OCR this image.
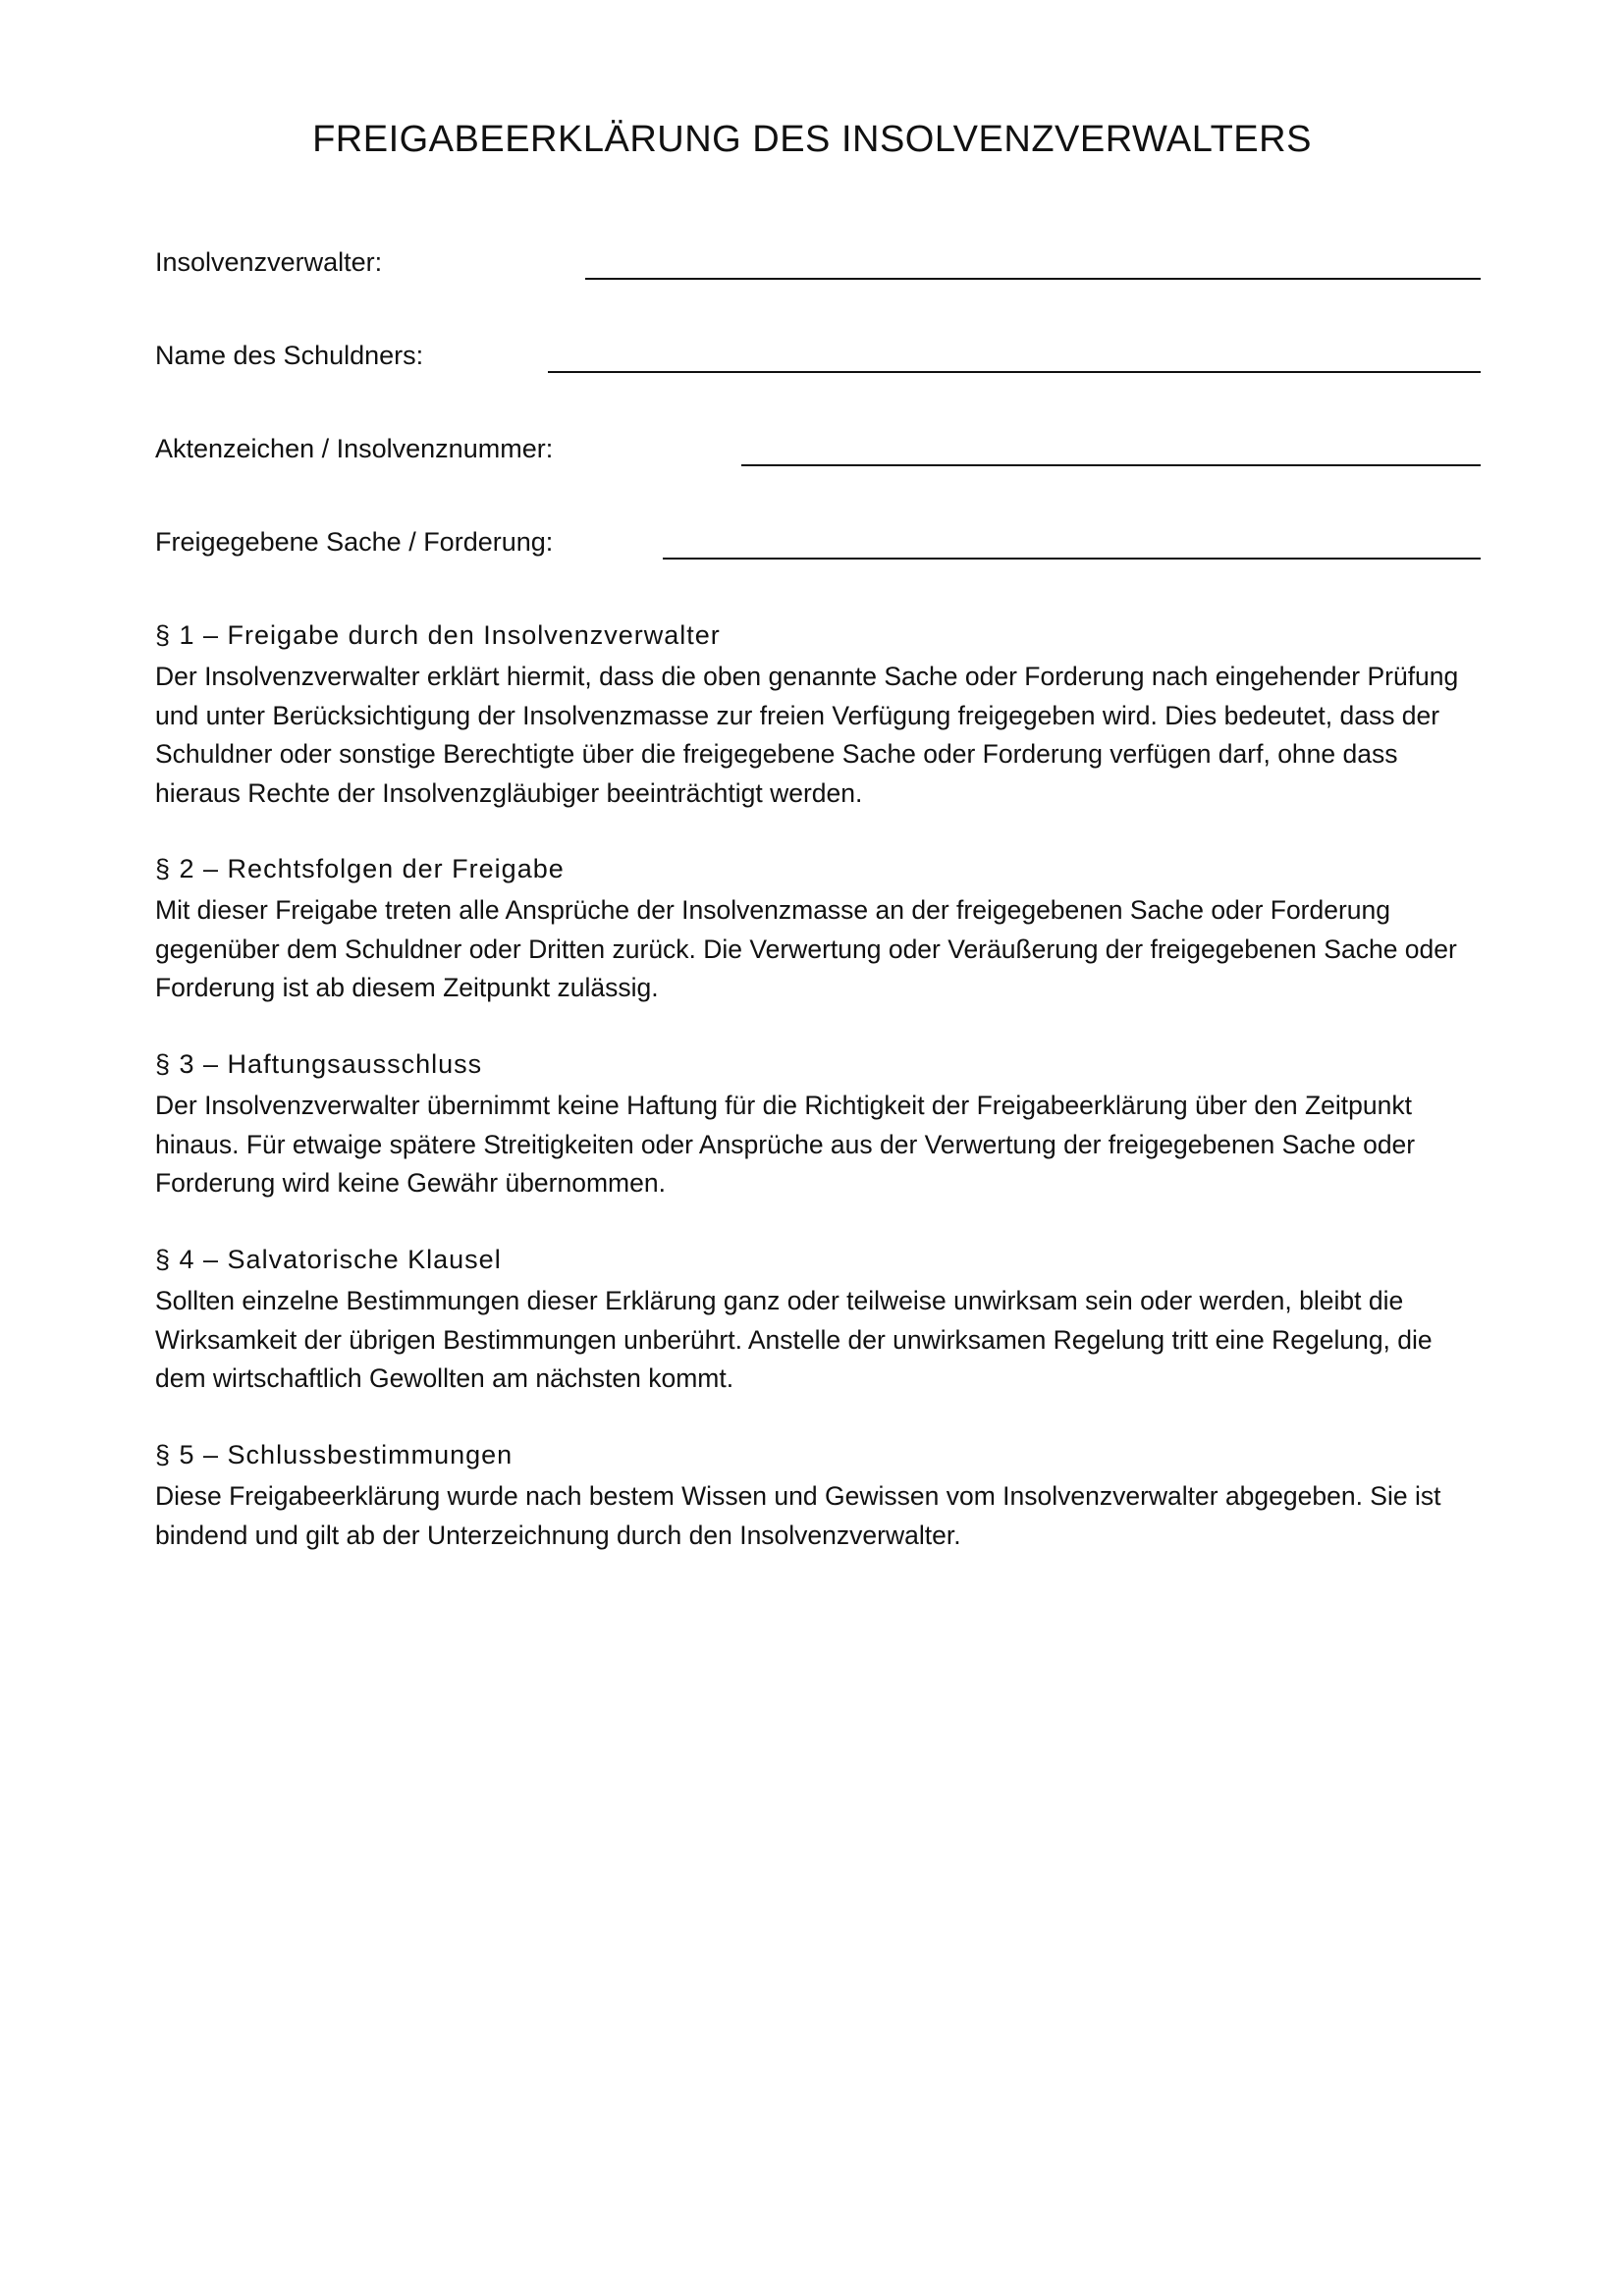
FREIGABEERKLÄRUNG DES INSOLVENZVERWALTERS
Insolvenzverwalter:
Name des Schuldners:
Aktenzeichen / Insolvenznummer:
Freigegebene Sache / Forderung:
§ 1 – Freigabe durch den Insolvenzverwalter

Der Insolvenzverwalter erklärt hiermit, dass die oben genannte Sache oder Forderung nach eingehender Prüfung und unter Berücksichtigung der Insolvenzmasse zur freien Verfügung freigegeben wird. Dies bedeutet, dass der Schuldner oder sonstige Berechtigte über die freigegebene Sache oder Forderung verfügen darf, ohne dass hieraus Rechte der Insolvenzgläubiger beeinträchtigt werden.

§ 2 – Rechtsfolgen der Freigabe

Mit dieser Freigabe treten alle Ansprüche der Insolvenzmasse an der freigegebenen Sache oder Forderung gegenüber dem Schuldner oder Dritten zurück. Die Verwertung oder Veräußerung der freigegebenen Sache oder Forderung ist ab diesem Zeitpunkt zulässig.

§ 3 – Haftungsausschluss

Der Insolvenzverwalter übernimmt keine Haftung für die Richtigkeit der Freigabeerklärung über den Zeitpunkt hinaus. Für etwaige spätere Streitigkeiten oder Ansprüche aus der Verwertung der freigegebenen Sache oder Forderung wird keine Gewähr übernommen.

§ 4 – Salvatorische Klausel

Sollten einzelne Bestimmungen dieser Erklärung ganz oder teilweise unwirksam sein oder werden, bleibt die Wirksamkeit der übrigen Bestimmungen unberührt. Anstelle der unwirksamen Regelung tritt eine Regelung, die dem wirtschaftlich Gewollten am nächsten kommt.

§ 5 – Schlussbestimmungen

Diese Freigabeerklärung wurde nach bestem Wissen und Gewissen vom Insolvenzverwalter abgegeben. Sie ist bindend und gilt ab der Unterzeichnung durch den Insolvenzverwalter.
